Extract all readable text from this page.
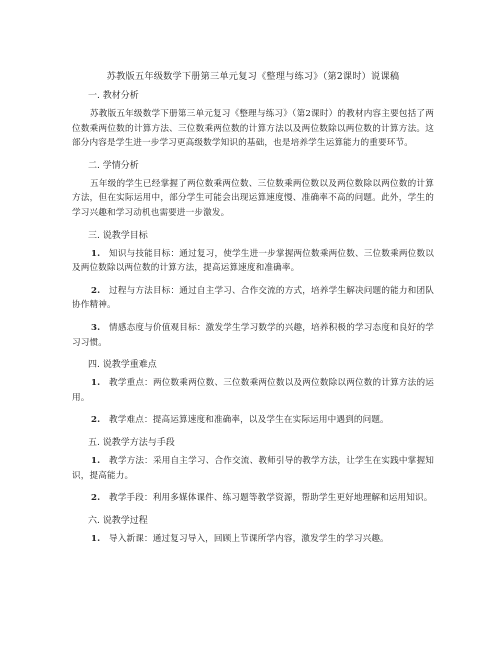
苏教版五年级数学下册第三单元复习《整理与练习》（第2课时）说课稿
一. 教材分析

苏教版五年级数学下册第三单元复习《整理与练习》（第2课时）的教材内容主要包括了两位数乘两位数的计算方法、三位数乘两位数的计算方法以及两位数除以两位数的计算方法。这部分内容是学生进一步学习更高级数学知识的基础，也是培养学生运算能力的重要环节。

二. 学情分析

五年级的学生已经掌握了两位数乘两位数、三位数乘两位数以及两位数除以两位数的计算方法，但在实际运用中，部分学生可能会出现运算速度慢、准确率不高的问题。此外，学生的学习兴趣和学习动机也需要进一步激发。

三. 说教学目标

1. 知识与技能目标：通过复习，使学生进一步掌握两位数乘两位数、三位数乘两位数以及两位数除以两位数的计算方法，提高运算速度和准确率。

2. 过程与方法目标：通过自主学习、合作交流的方式，培养学生解决问题的能力和团队协作精神。

3. 情感态度与价值观目标：激发学生学习数学的兴趣，培养积极的学习态度和良好的学习习惯。

四. 说教学重难点

1. 教学重点：两位数乘两位数、三位数乘两位数以及两位数除以两位数的计算方法的运用。

2. 教学难点：提高运算速度和准确率，以及学生在实际运用中遇到的问题。

五. 说教学方法与手段

1. 教学方法：采用自主学习、合作交流、教师引导的教学方法，让学生在实践中掌握知识，提高能力。

2. 教学手段：利用多媒体课件、练习题等教学资源，帮助学生更好地理解和运用知识。

六. 说教学过程

1. 导入新课：通过复习导入，回顾上节课所学内容，激发学生的学习兴趣。
